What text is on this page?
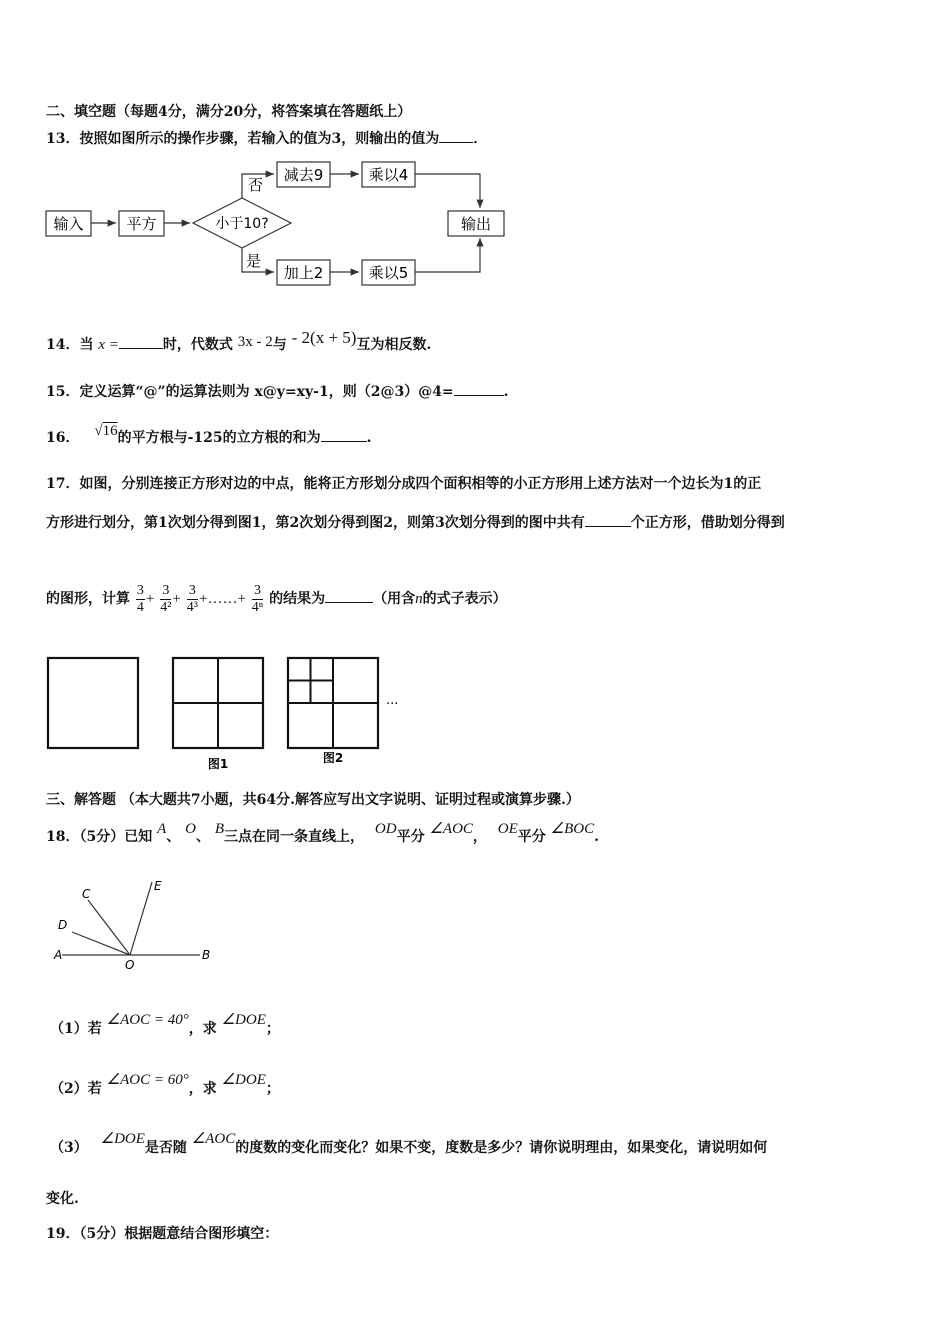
二、填空题（每题4分，满分20分，将答案填在答题纸上）
13．按照如图所示的操作步骤，若输入的值为3，则输出的值为 ．
输入	平方	小于10?
否
减去9	乘以4
是
加上2	乘以5
输出
14．当 x =	时，代数式 3x - 2与 - 2(x + 5)互为相反数.
15．定义运算“@”的运算法则为 x@y=xy-1，则（2@3）@4=	.
16． √16的平方根与-125的立方根的和为	.
17．如图，分别连接正方形对边的中点，能将正方形划分成四个面积相等的小正方形用上述方法对一个边长为1的正
方形进行划分，第1次划分得到图1，第2次划分得到图2，则第3次划分得到的图中共有	个正方形，借助划分得到
的图形，计算 $\frac{3}{4} + \frac{3}{\text{4²}} + \frac{3}{\text{4³}}$ +……+ $\frac{3}{\text{4ⁿ}}$ 的结果为	（用含n的式子表示）
图1	图2
···
三、解答题 （本大题共7小题，共64分.解答应写出文字说明、证明过程或演算步骤.）
18．（5分）已知 A、 O、 B三点在同一条直线上， OD平分 ∠AOC， OE平分 ∠BOC.
C
E
D
A
O
B
（1）若 ∠AOC = 40°，求 ∠DOE；
（2）若 ∠AOC = 60°，求 ∠DOE；
（3） ∠DOE是否随 ∠AOC的度数的变化而变化？如果不变，度数是多少？请你说明理由，如果变化，请说明如何
变化.
19．（5分）根据题意结合图形填空：
